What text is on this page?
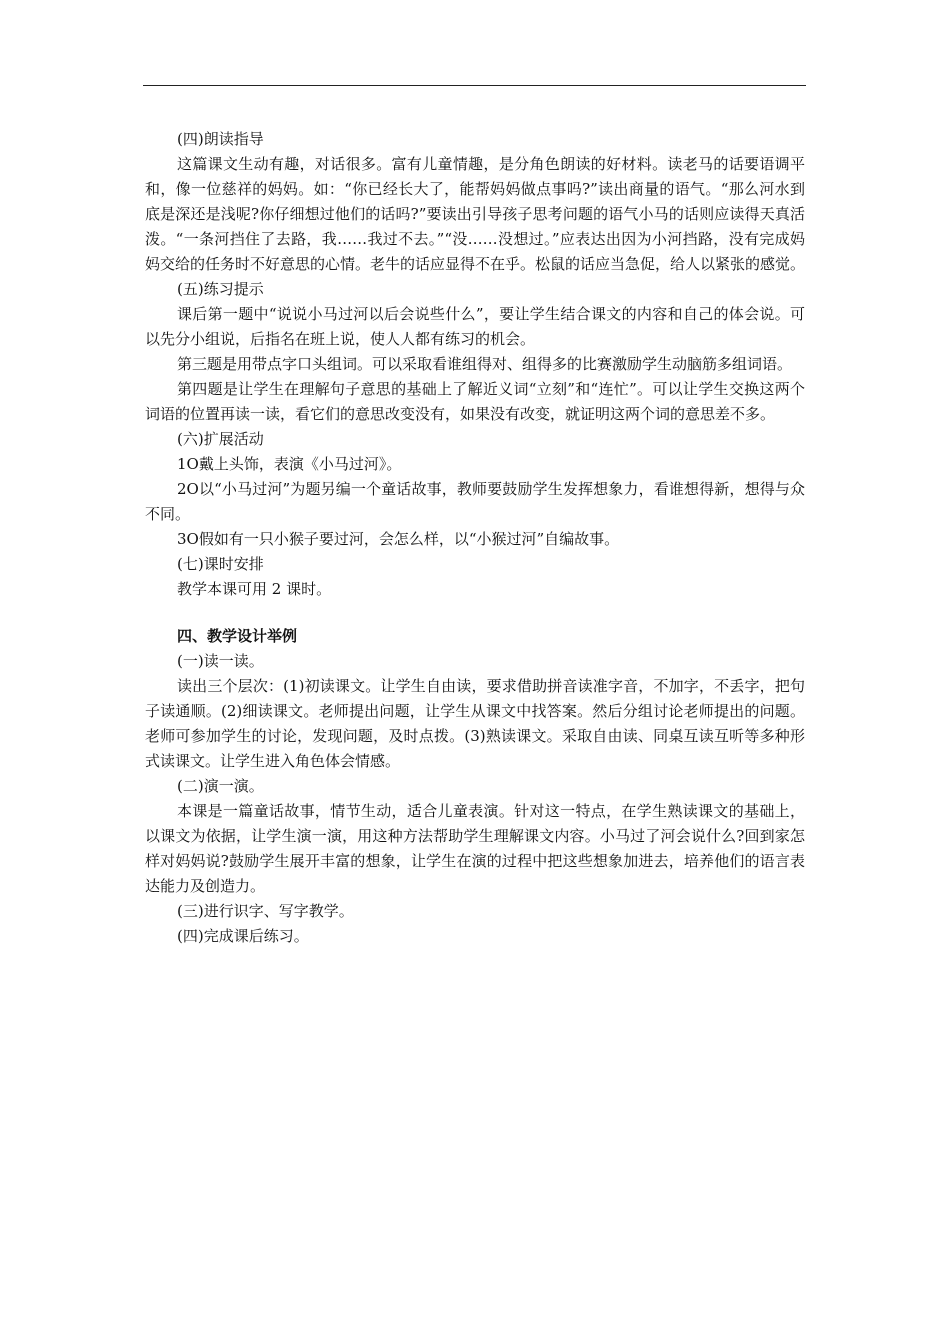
(四)朗读指导

这篇课文生动有趣，对话很多。富有儿童情趣，是分角色朗读的好材料。读老马的话要语调平和，像一位慈祥的妈妈。如：“你已经长大了，能帮妈妈做点事吗?”读出商量的语气。“那么河水到底是深还是浅呢?你仔细想过他们的话吗?”要读出引导孩子思考问题的语气小马的话则应读得天真活泼。“一条河挡住了去路，我……我过不去。”“没……没想过。”应表达出因为小河挡路，没有完成妈妈交给的任务时不好意思的心情。老牛的话应显得不在乎。松鼠的话应当急促，给人以紧张的感觉。

(五)练习提示

课后第一题中“说说小马过河以后会说些什么”，要让学生结合课文的内容和自己的体会说。可以先分小组说，后指名在班上说，使人人都有练习的机会。

第三题是用带点字口头组词。可以采取看谁组得对、组得多的比赛激励学生动脑筋多组词语。

第四题是让学生在理解句子意思的基础上了解近义词“立刻”和“连忙”。可以让学生交换这两个词语的位置再读一读，看它们的意思改变没有，如果没有改变，就证明这两个词的意思差不多。

(六)扩展活动

1O戴上头饰，表演《小马过河》。

2O以“小马过河”为题另编一个童话故事，教师要鼓励学生发挥想象力，看谁想得新，想得与众不同。

3O假如有一只小猴子要过河，会怎么样，以“小猴过河”自编故事。

(七)课时安排

教学本课可用 2 课时。

四、教学设计举例

(一)读一读。

读出三个层次：(1)初读课文。让学生自由读，要求借助拼音读准字音，不加字，不丢字，把句子读通顺。(2)细读课文。老师提出问题，让学生从课文中找答案。然后分组讨论老师提出的问题。老师可参加学生的讨论，发现问题，及时点拨。(3)熟读课文。采取自由读、同桌互读互听等多种形式读课文。让学生进入角色体会情感。

(二)演一演。

本课是一篇童话故事，情节生动，适合儿童表演。针对这一特点，在学生熟读课文的基础上，以课文为依据，让学生演一演，用这种方法帮助学生理解课文内容。小马过了河会说什么?回到家怎样对妈妈说?鼓励学生展开丰富的想象，让学生在演的过程中把这些想象加进去，培养他们的语言表达能力及创造力。

(三)进行识字、写字教学。

(四)完成课后练习。
